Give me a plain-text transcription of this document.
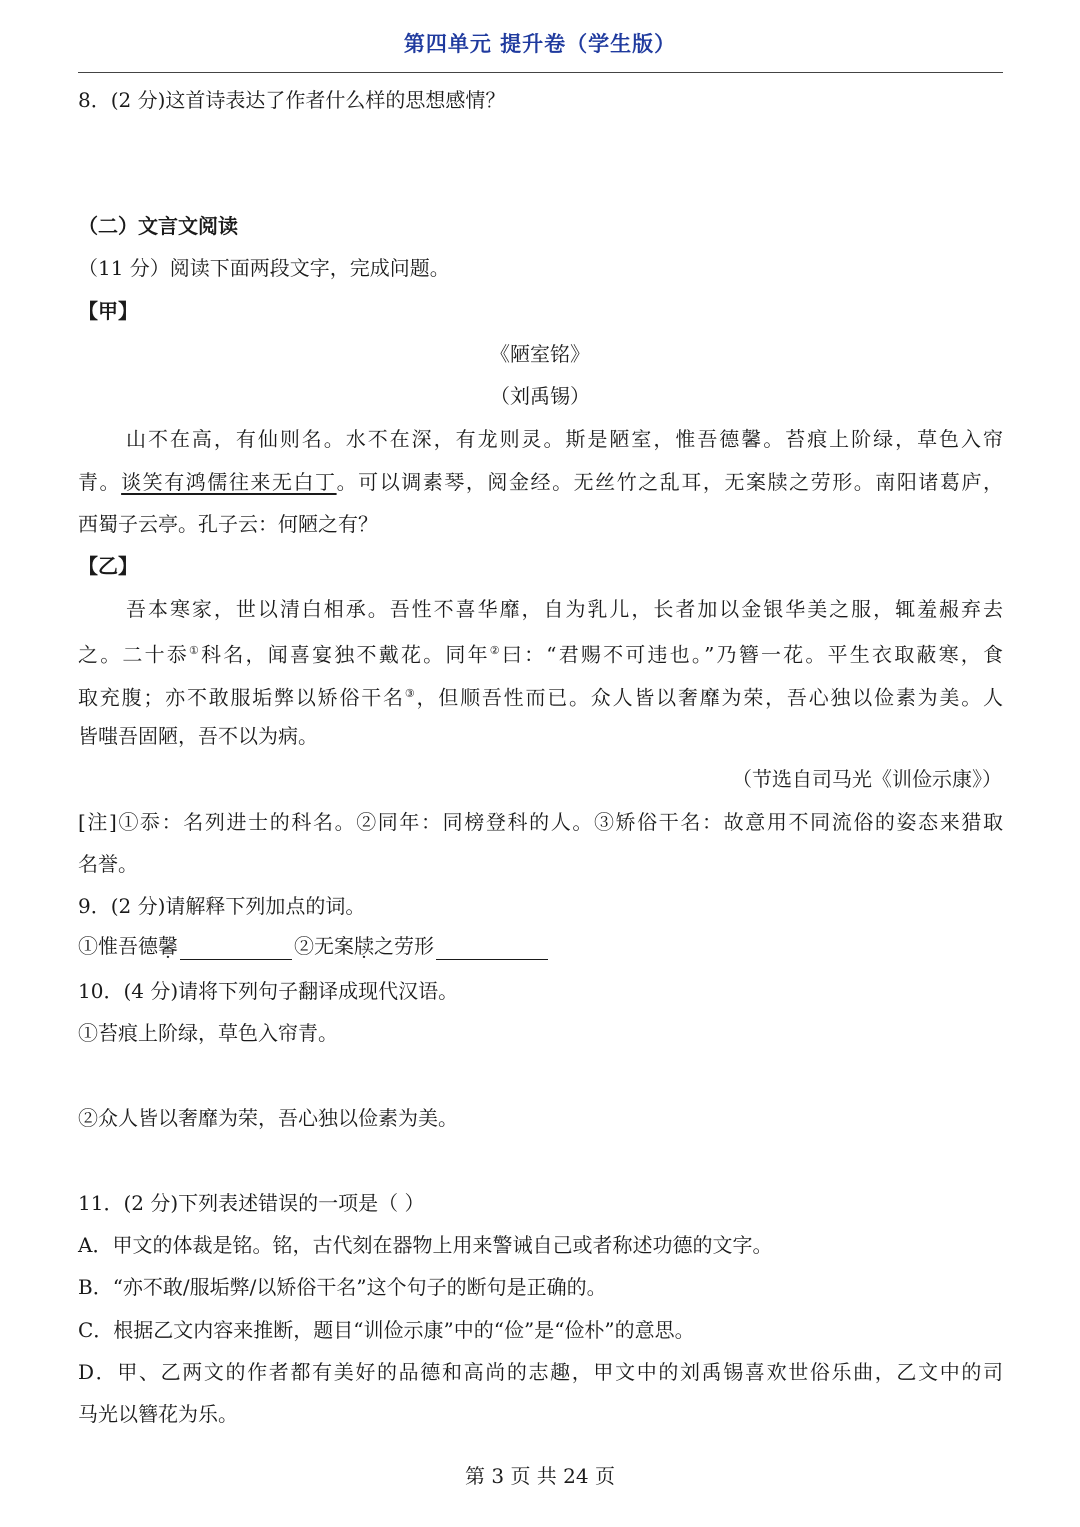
第四单元 提升卷（学生版）
8．(2 分)这首诗表达了作者什么样的思想感情？
（二）文言文阅读
（11 分）阅读下面两段文字，完成问题。
【甲】
《陋室铭》
（刘禹锡）
山不在高，有仙则名。水不在深，有龙则灵。斯是陋室，惟吾德馨。苔痕上阶绿，草色入帘
青。谈笑有鸿儒往来无白丁。可以调素琴，阅金经。无丝竹之乱耳，无案牍之劳形。南阳诸葛庐，
西蜀子云亭。孔子云：何陋之有？
【乙】
吾本寒家，世以清白相承。吾性不喜华靡，自为乳儿，长者加以金银华美之服，辄羞赧弃去
之。二十忝①科名，闻喜宴独不戴花。同年②曰：“君赐不可违也。”乃簪一花。平生衣取蔽寒，食
取充腹；亦不敢服垢弊以矫俗干名③，但顺吾性而已。众人皆以奢靡为荣，吾心独以俭素为美。人
皆嗤吾固陋，吾不以为病。
（节选自司马光《训俭示康》）
[注]①忝：名列进士的科名。②同年：同榜登科的人。③矫俗干名：故意用不同流俗的姿态来猎取
名誉。
9．(2 分)请解释下列加点的词。
①惟吾德馨	②无案牍之劳形
10．(4 分)请将下列句子翻译成现代汉语。
①苔痕上阶绿，草色入帘青。
②众人皆以奢靡为荣，吾心独以俭素为美。
11．(2 分)下列表述错误的一项是（ ）
A．甲文的体裁是铭。铭，古代刻在器物上用来警诫自己或者称述功德的文字。
B．“亦不敢/服垢弊/以矫俗干名”这个句子的断句是正确的。
C．根据乙文内容来推断，题目“训俭示康”中的“俭”是“俭朴”的意思。
D．甲、乙两文的作者都有美好的品德和高尚的志趣，甲文中的刘禹锡喜欢世俗乐曲，乙文中的司
马光以簪花为乐。
第 3 页 共 24 页
